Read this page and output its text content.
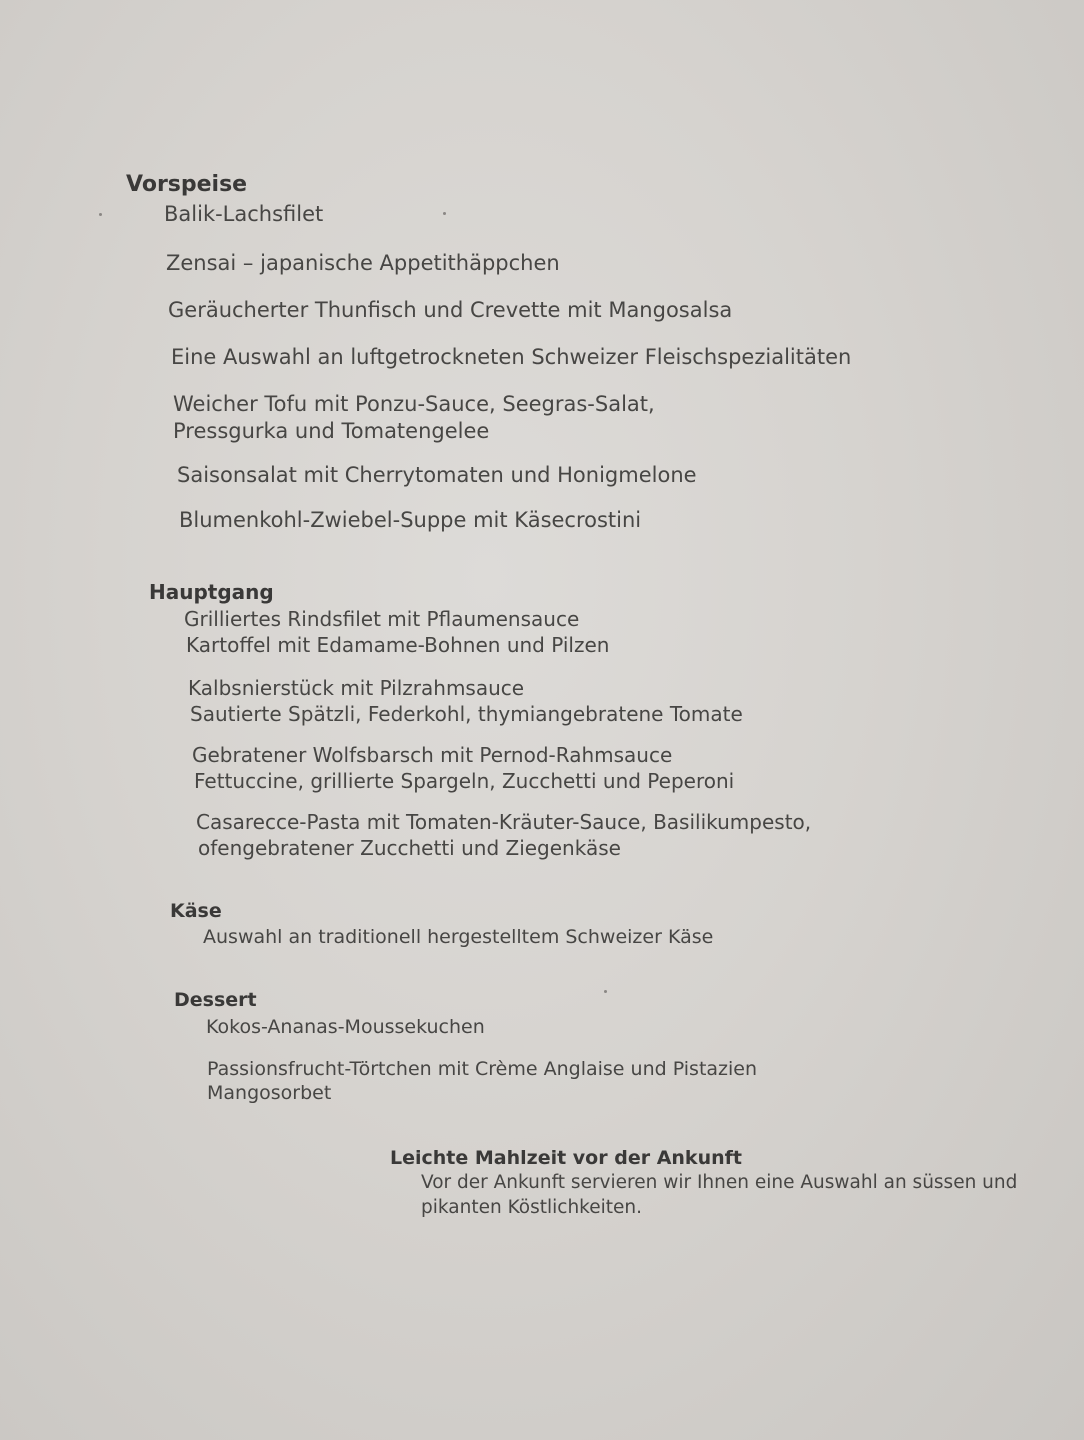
Vorspeise
Balik-Lachsfilet
Zensai – japanische Appetithäppchen
Geräucherter Thunfisch und Crevette mit Mangosalsa
Eine Auswahl an luftgetrockneten Schweizer Fleischspezialitäten
Weicher Tofu mit Ponzu-Sauce, Seegras-Salat,
Pressgurka und Tomatengelee
Saisonsalat mit Cherrytomaten und Honigmelone
Blumenkohl-Zwiebel-Suppe mit Käsecrostini
Hauptgang
Grilliertes Rindsfilet mit Pflaumensauce
Kartoffel mit Edamame-Bohnen und Pilzen
Kalbsnierstück mit Pilzrahmsauce
Sautierte Spätzli, Federkohl, thymiangebratene Tomate
Gebratener Wolfsbarsch mit Pernod-Rahmsauce
Fettuccine, grillierte Spargeln, Zucchetti und Peperoni
Casarecce-Pasta mit Tomaten-Kräuter-Sauce, Basilikumpesto,
ofengebratener Zucchetti und Ziegenkäse
Käse
Auswahl an traditionell hergestelltem Schweizer Käse
Dessert
Kokos-Ananas-Moussekuchen
Passionsfrucht-Törtchen mit Crème Anglaise und Pistazien
Mangosorbet
Leichte Mahlzeit vor der Ankunft
Vor der Ankunft servieren wir Ihnen eine Auswahl an süssen und
pikanten Köstlichkeiten.
